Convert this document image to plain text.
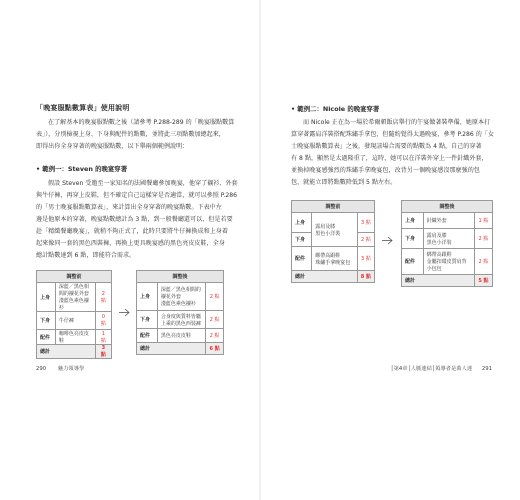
「晚宴服點數算表」使用說明
在了解基本的晚宴服點數之後（請參考 P.288-289 的「晚宴服點數算
表」），分別檢視上身、下身與配件的點數，並將此三項點數加總起來，
即得出你全身穿著的晚宴服點數，以下舉兩個範例說明：
• 範例一：Steven 的晚宴穿著
假設 Steven 受邀至一家知名的法國餐廳參加晚宴，他穿了襯衫、外套
與牛仔褲，再穿上皮鞋，但不確定自己這樣穿是否適當，就可以參照 P.286
的「男士晚宴服點數算表」，來計算出全身穿著的晚宴點數。下表中左
邊是他原本的穿著，晚宴點數總計為 3 點，到一般餐廳還可以，但是若要
赴「精緻餐廳晚宴」，就稍不夠正式了，此時只要將牛仔褲換成和上身着
起來像同一套的黑色西裝褲，再換上更具晚宴感的黑色亮皮皮鞋，全身
總計點數達到 6 點，即能符合需求。
調整前		
上身	深藍／黑色相間的襯花外套
淺藍色素色襯衫	2 點
下身	牛仔褲	0 點
配件	咖啡色亮皮皮鞋	1 點
總計		3 點
調整後		
上身	深藍／黑色相間的襯花外套
淺藍色素色襯衫	2 點
下身	合身度與質料皆屬上乘的黑色西裝褲	2 點
配件	黑色亮皮皮鞋	2 點
總計		6 點
290 魅力領導學
• 範例二：Nicole 的晚宴穿著
而 Nicole 正在為一場於希爾頓飯店舉行的午宴做著裝準備，她原本打
算穿著露肩洋裝搭配珠繡手拿包，但隨約覺得太過晚宴，參考 P.286 的「女
士晚宴服點數算表」之後，發現該場合需要的點數為 4 點，自己的穿著
有 8 點，顯然是太過隆重了，這時，她可以在洋裝外穿上一件針織外套，
並換掉晚宴感強烈的珠繡手拿晚宴包，改背另一個晚宴感沒那麼強的包
包，就能立即將點數降低到 5 點左右。
調整前		
上身	露肩及膝
黑色小洋裝	3 點
下身		2 點
配件	綁帶高跟鞋
珠繡手拿晚宴包	3 點
總計		8 點
調整後		
上身	針織外套	1 點
下身	露肩及膝
黑色小洋裝	2 點
配件	綁帶高跟鞋
金屬扣環皮質肩背小包包	2 點
總計		5 點
│第4章│人脈連結│領導者是萬人迷 291
